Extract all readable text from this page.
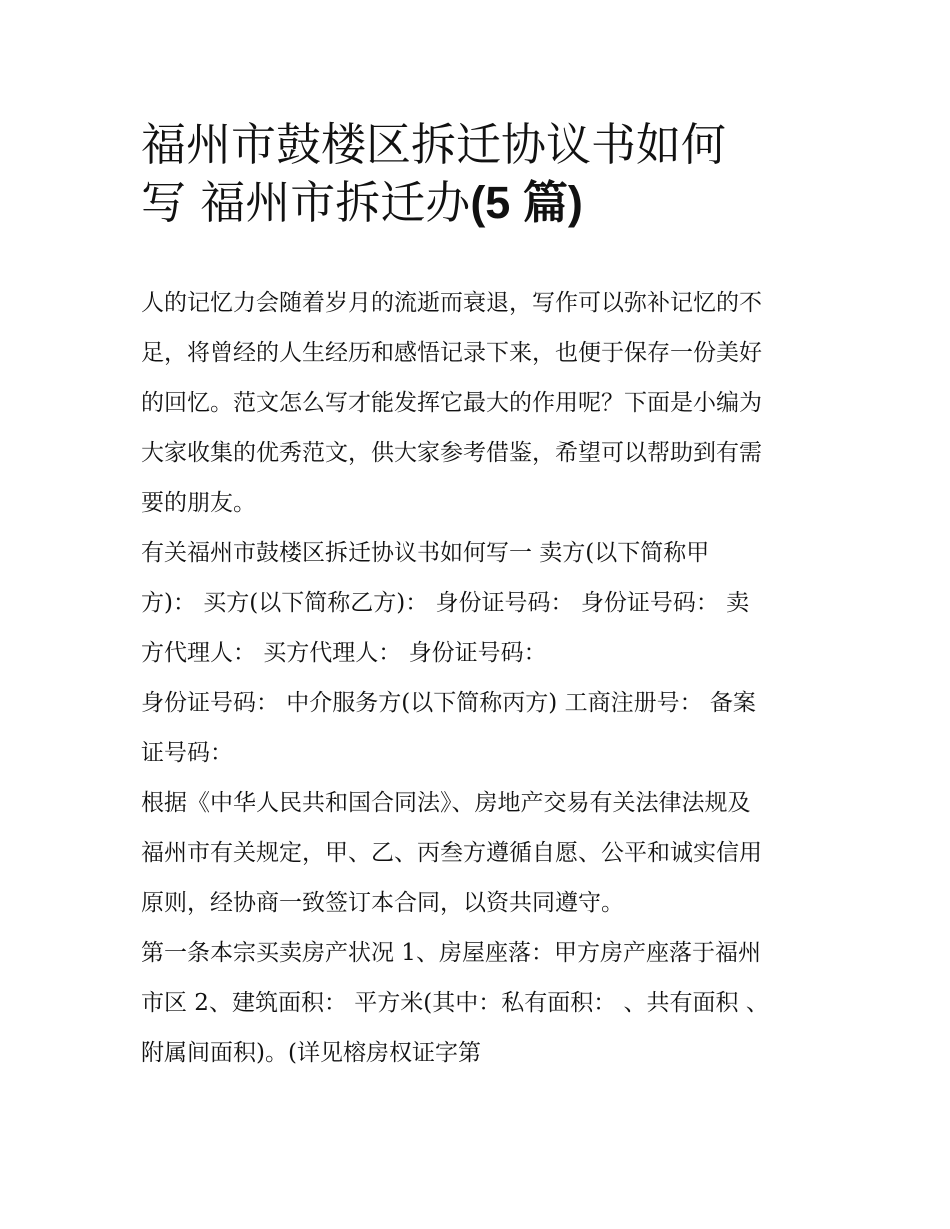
福州市鼓楼区拆迁协议书如何
写 福州市拆迁办(5 篇)
人的记忆力会随着岁月的流逝而衰退，写作可以弥补记忆的不
足，将曾经的人生经历和感悟记录下来，也便于保存一份美好
的回忆。范文怎么写才能发挥它最大的作用呢？下面是小编为
大家收集的优秀范文，供大家参考借鉴，希望可以帮助到有需
要的朋友。
有关福州市鼓楼区拆迁协议书如何写一 卖方(以下简称甲
方)： 买方(以下简称乙方)： 身份证号码： 身份证号码： 卖
方代理人： 买方代理人： 身份证号码：
身份证号码： 中介服务方(以下简称丙方) 工商注册号： 备案
证号码：
根据《中华人民共和国合同法》、房地产交易有关法律法规及
福州市有关规定，甲、乙、丙叁方遵循自愿、公平和诚实信用
原则，经协商一致签订本合同，以资共同遵守。
第一条本宗买卖房产状况 1、房屋座落：甲方房产座落于福州
市区 2、建筑面积： 平方米(其中：私有面积： 、共有面积 、
附属间面积)。(详见榕房权证字第
